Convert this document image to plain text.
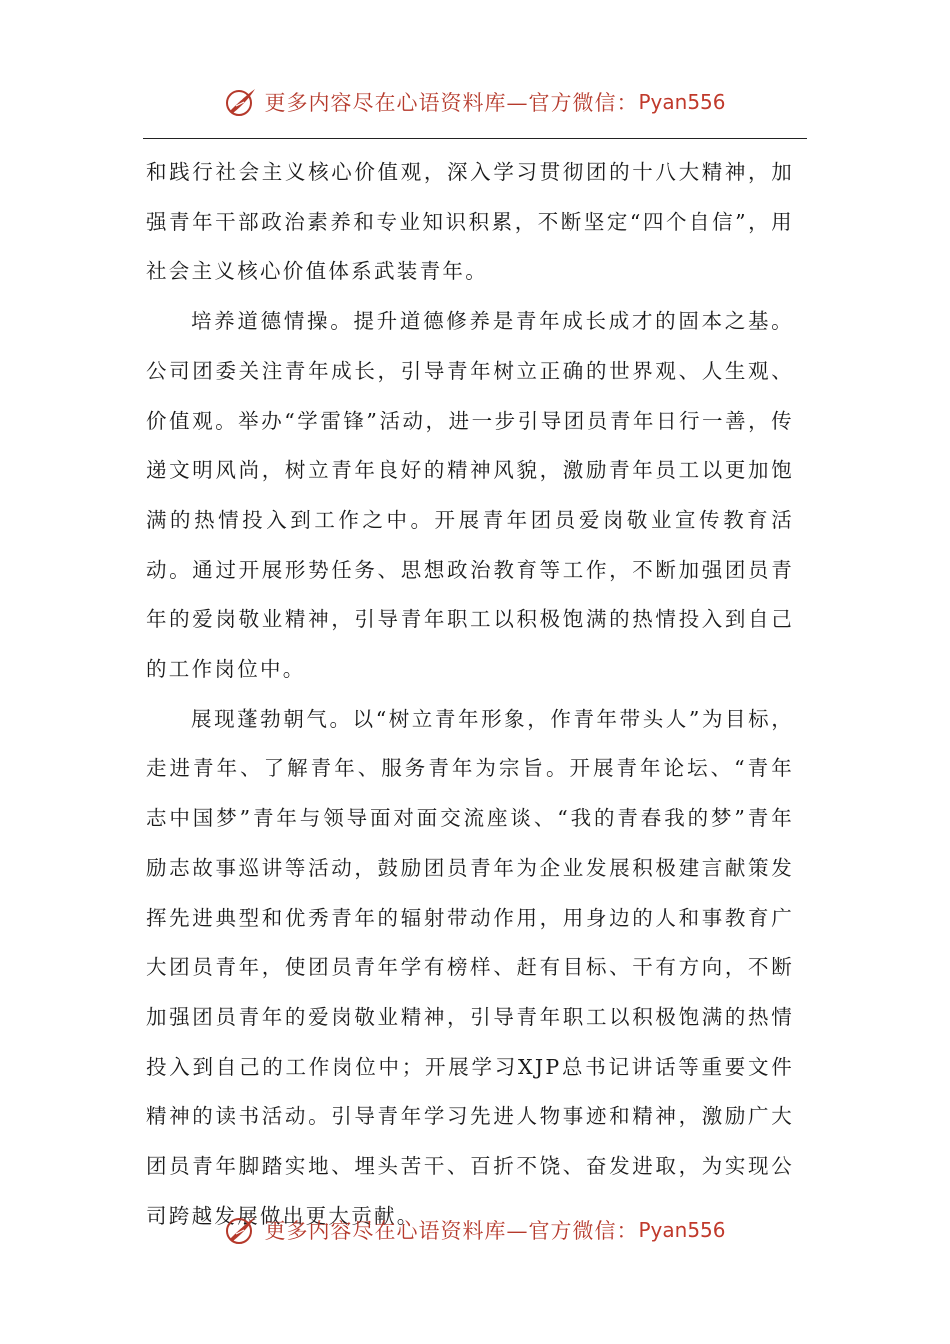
更多内容尽在心语资料库—官方微信： Pyan556

和践行社会主义核心价值观，深入学习贯彻团的十八大精神，加强青年干部政治素养和专业知识积累，不断坚定“四个自信”，用社会主义核心价值体系武装青年。

培养道德情操。提升道德修养是青年成长成才的固本之基。公司团委关注青年成长，引导青年树立正确的世界观、人生观、价值观。举办“学雷锋”活动，进一步引导团员青年日行一善，传递文明风尚，树立青年良好的精神风貌，激励青年员工以更加饱满的热情投入到工作之中。开展青年团员爱岗敬业宣传教育活动。通过开展形势任务、思想政治教育等工作，不断加强团员青年的爱岗敬业精神，引导青年职工以积极饱满的热情投入到自己的工作岗位中。

展现蓬勃朝气。以“树立青年形象，作青年带头人”为目标，走进青年、了解青年、服务青年为宗旨。开展青年论坛、“青年志中国梦”青年与领导面对面交流座谈、“我的青春我的梦”青年励志故事巡讲等活动，鼓励团员青年为企业发展积极建言献策发挥先进典型和优秀青年的辐射带动作用，用身边的人和事教育广大团员青年，使团员青年学有榜样、赶有目标、干有方向，不断加强团员青年的爱岗敬业精神，引导青年职工以积极饱满的热情投入到自己的工作岗位中；开展学习XJP总书记讲话等重要文件精神的读书活动。引导青年学习先进人物事迹和精神，激励广大团员青年脚踏实地、埋头苦干、百折不饶、奋发进取，为实现公司跨越发展做出更大贡献。

更多内容尽在心语资料库—官方微信： Pyan556
